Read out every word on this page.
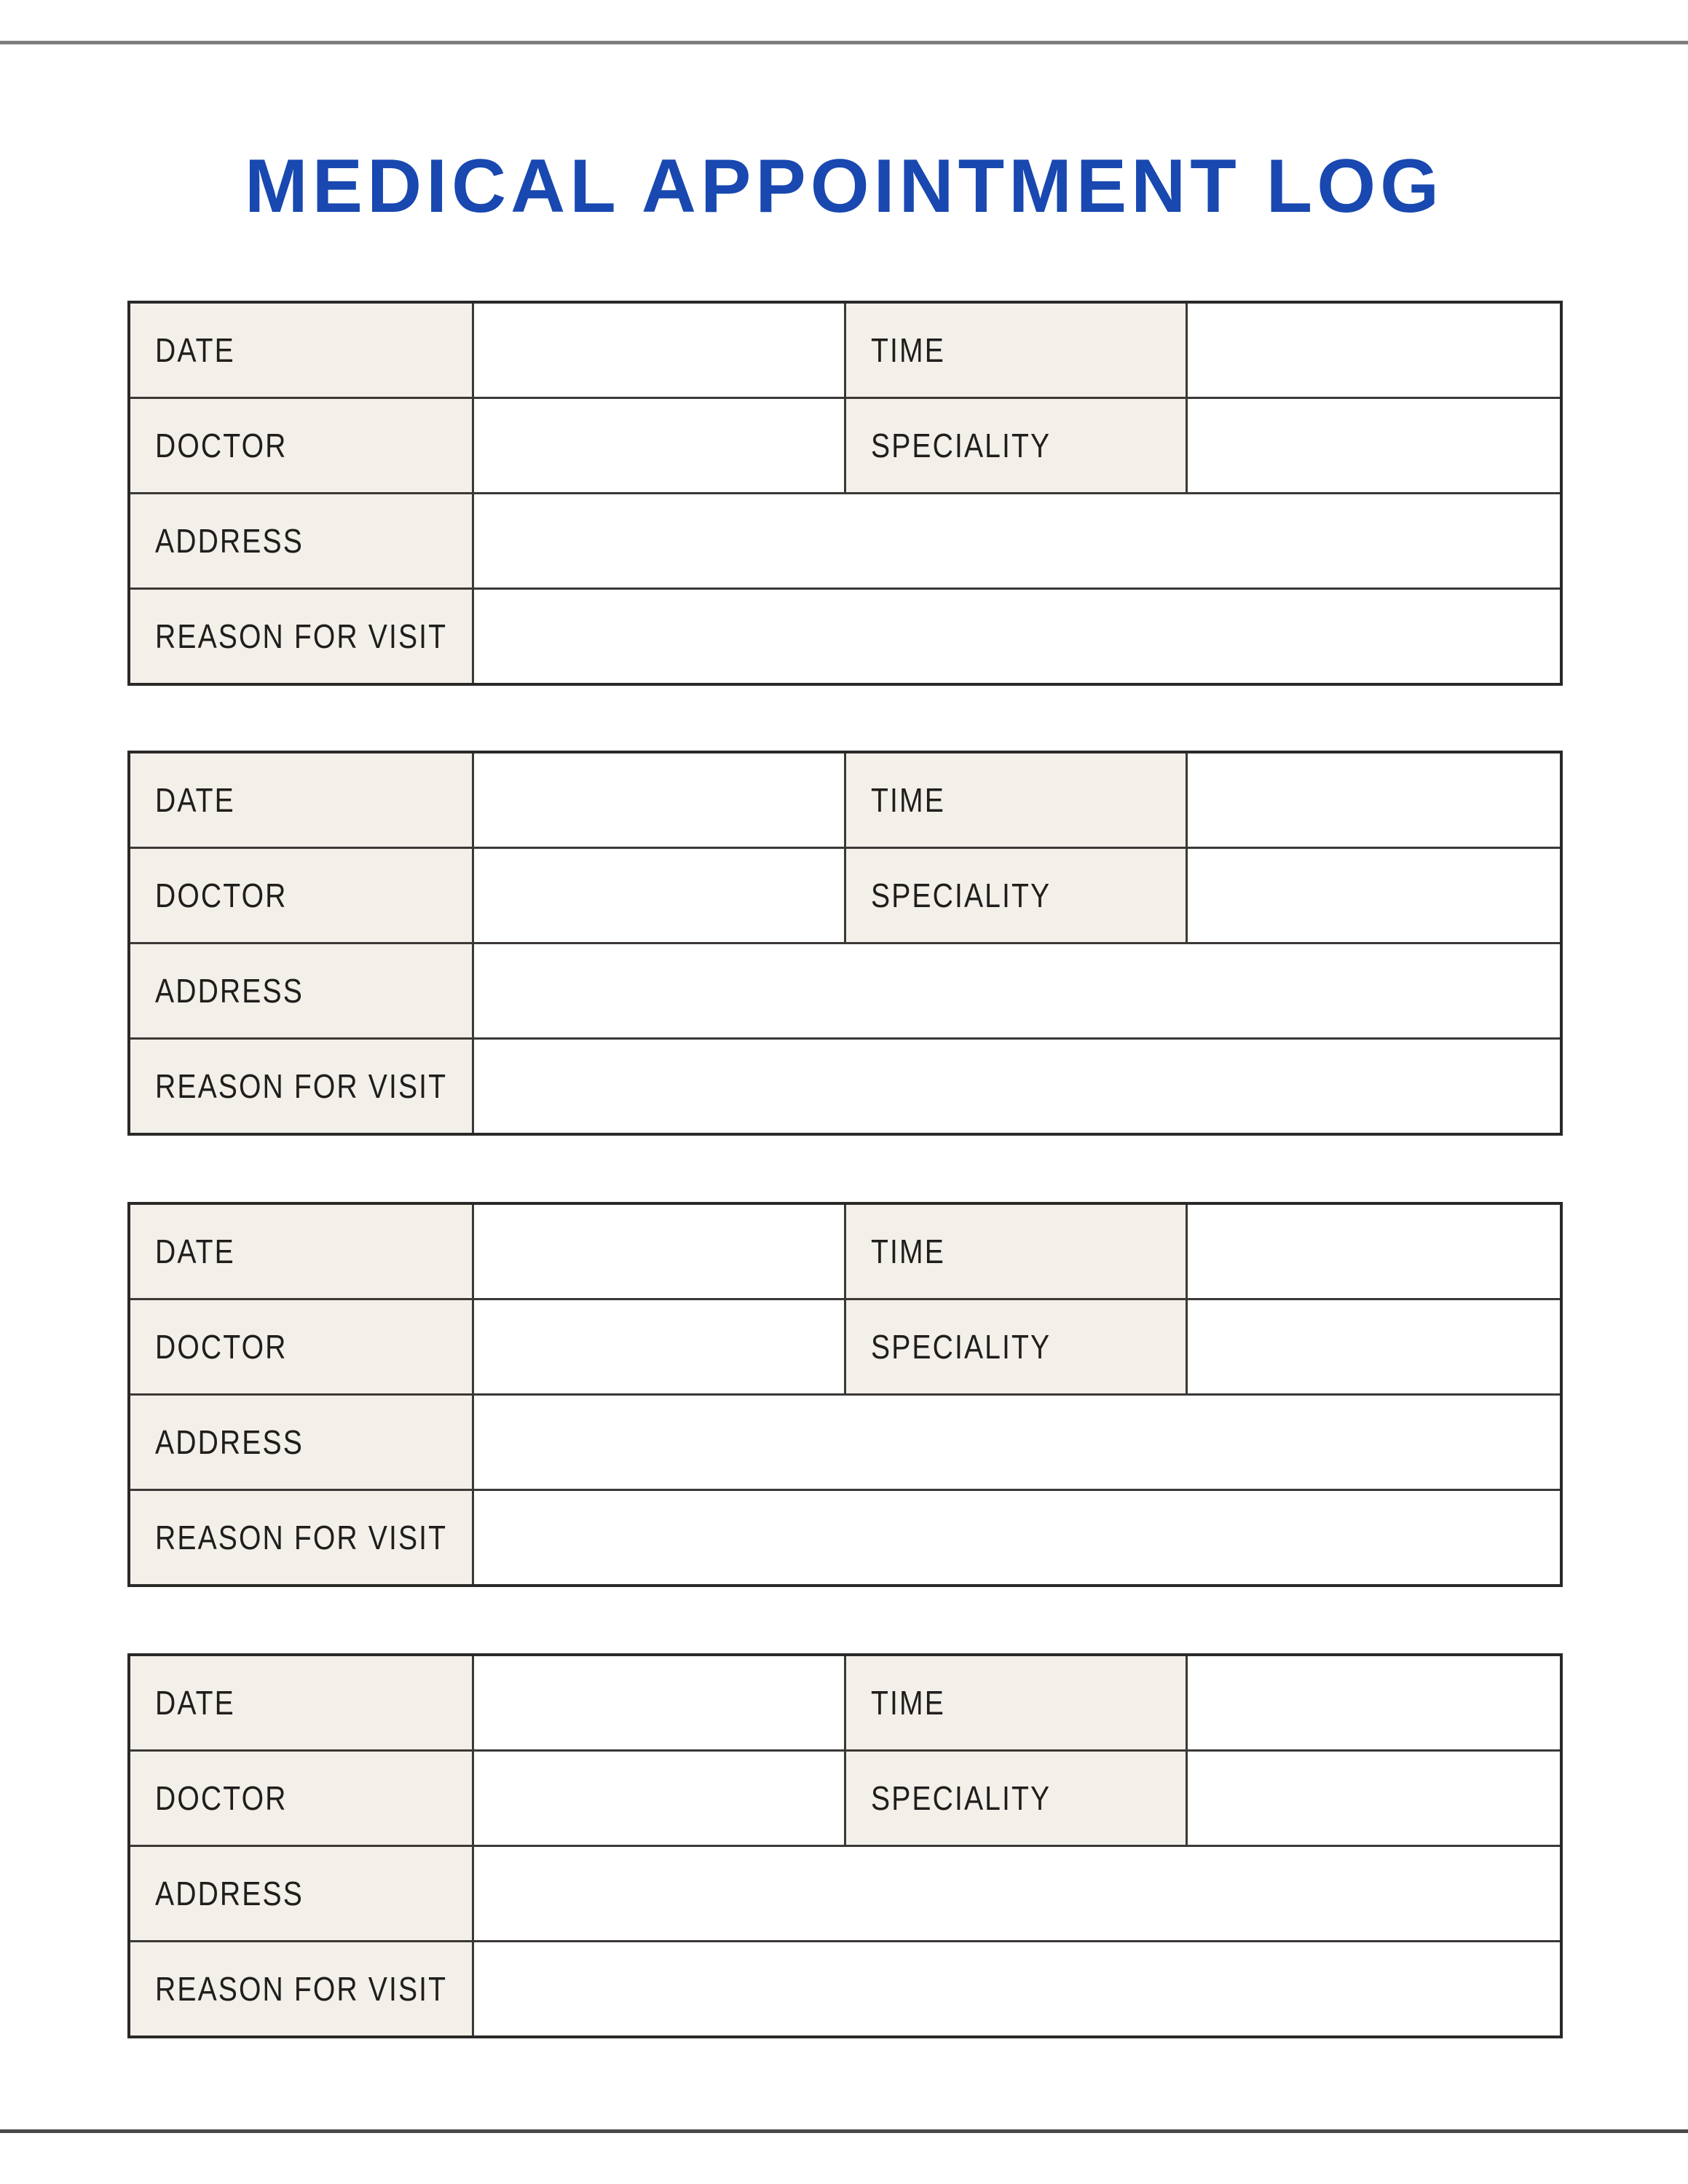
MEDICAL APPOINTMENT LOG
DATE		TIME	
DOCTOR		SPECIALITY	
ADDRESS			
REASON FOR VISIT			
DATE		TIME	
DOCTOR		SPECIALITY	
ADDRESS			
REASON FOR VISIT			
DATE		TIME	
DOCTOR		SPECIALITY	
ADDRESS			
REASON FOR VISIT			
DATE		TIME	
DOCTOR		SPECIALITY	
ADDRESS			
REASON FOR VISIT			
